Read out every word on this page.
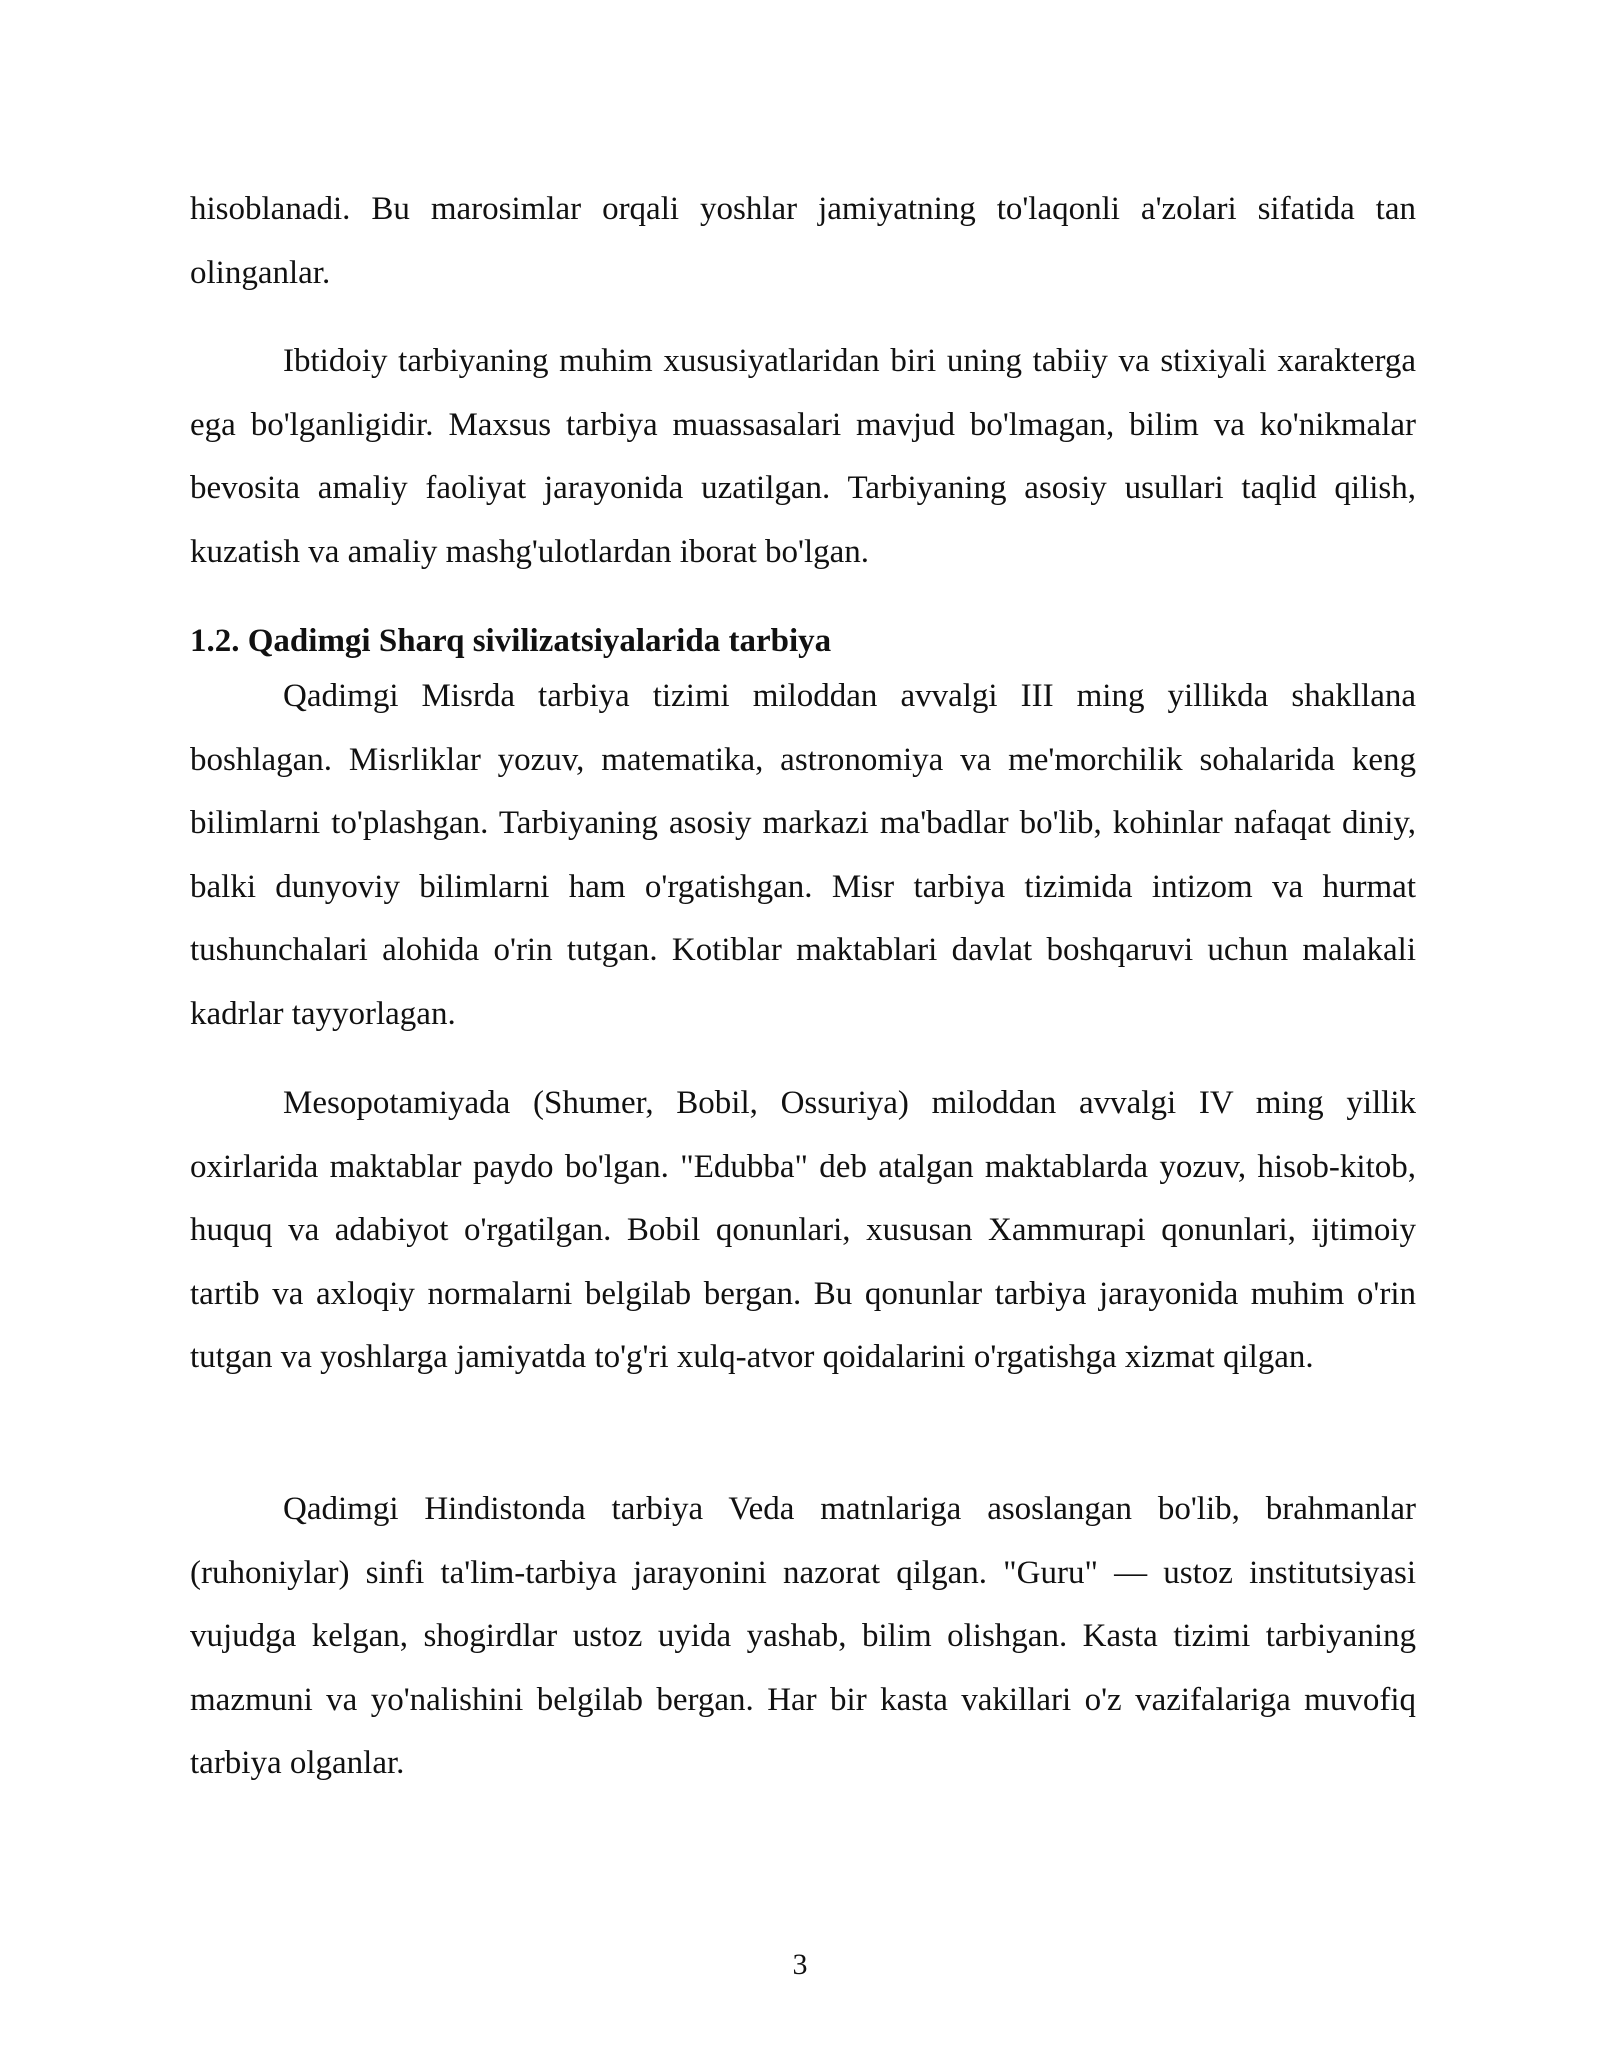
hisoblanadi. Bu marosimlar orqali yoshlar jamiyatning to'laqonli a'zolari sifatida tan olinganlar.

Ibtidoiy tarbiyaning muhim xususiyatlaridan biri uning tabiiy va stixiyali xarakterga ega bo'lganligidir. Maxsus tarbiya muassasalari mavjud bo'lmagan, bilim va ko'nikmalar bevosita amaliy faoliyat jarayonida uzatilgan. Tarbiyaning asosiy usullari taqlid qilish, kuzatish va amaliy mashg'ulotlardan iborat bo'lgan.

1.2. Qadimgi Sharq sivilizatsiyalarida tarbiya

Qadimgi Misrda tarbiya tizimi miloddan avvalgi III ming yillikda shakllana boshlagan. Misrliklar yozuv, matematika, astronomiya va me'morchilik sohalarida keng bilimlarni to'plashgan. Tarbiyaning asosiy markazi ma'badlar bo'lib, kohinlar nafaqat diniy, balki dunyoviy bilimlarni ham o'rgatishgan. Misr tarbiya tizimida intizom va hurmat tushunchalari alohida o'rin tutgan. Kotiblar maktablari davlat boshqaruvi uchun malakali kadrlar tayyorlagan.

Mesopotamiyada (Shumer, Bobil, Ossuriya) miloddan avvalgi IV ming yillik oxirlarida maktablar paydo bo'lgan. "Edubba" deb atalgan maktablarda yozuv, hisob-kitob, huquq va adabiyot o'rgatilgan. Bobil qonunlari, xususan Xammurapi qonunlari, ijtimoiy tartib va axloqiy normalarni belgilab bergan. Bu qonunlar tarbiya jarayonida muhim o'rin tutgan va yoshlarga jamiyatda to'g'ri xulq-atvor qoidalarini o'rgatishga xizmat qilgan.

Qadimgi Hindistonda tarbiya Veda matnlariga asoslangan bo'lib, brahmanlar (ruhoniylar) sinfi ta'lim-tarbiya jarayonini nazorat qilgan. "Guru" — ustoz institutsiyasi vujudga kelgan, shogirdlar ustoz uyida yashab, bilim olishgan. Kasta tizimi tarbiyaning mazmuni va yo'nalishini belgilab bergan. Har bir kasta vakillari o'z vazifalariga muvofiq tarbiya olganlar.

3
